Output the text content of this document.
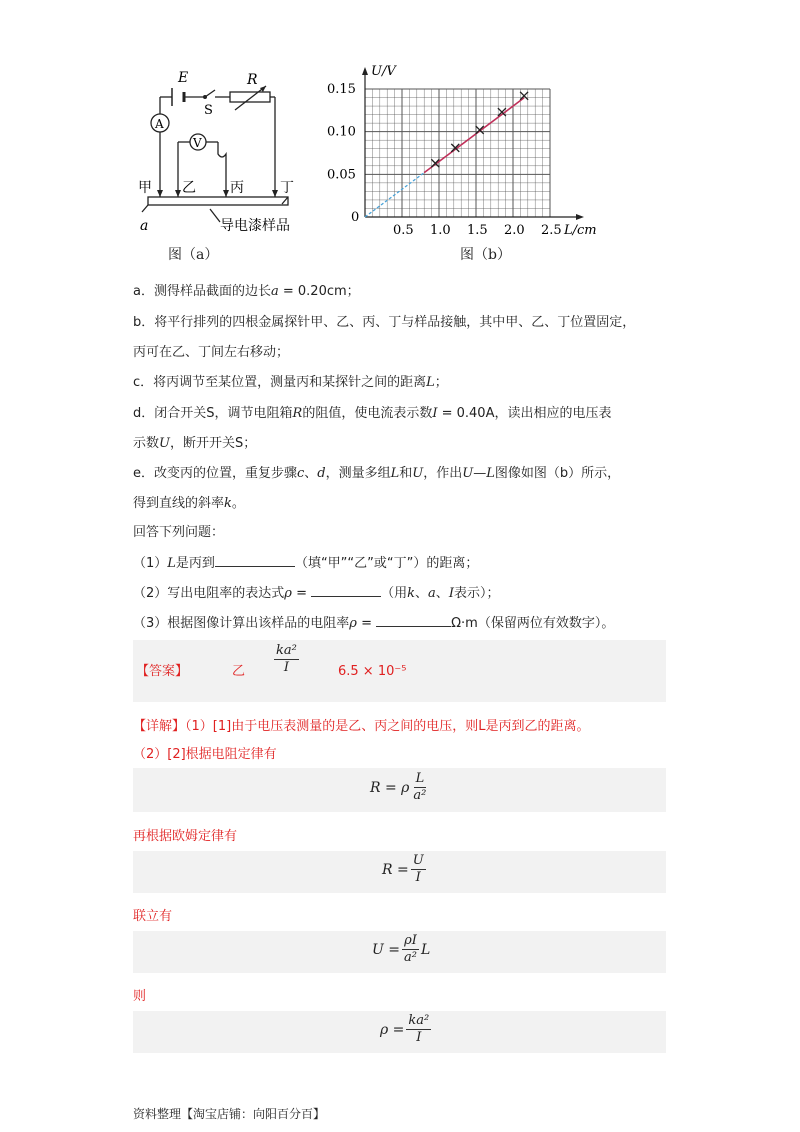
E
S
R
A
V
甲 乙 丙	丁
a	导电漆样品
图（a）
0.5 1.0 1.5 2.0 2.5
0.05
0.10
0.15
0
L/cm
U/V
图（b）
a．测得样品截面的边长a = 0.20cm；
b．将平行排列的四根金属探针甲、乙、丙、丁与样品接触，其中甲、乙、丁位置固定，
丙可在乙、丁间左右移动；
c．将丙调节至某位置，测量丙和某探针之间的距离L；
d．闭合开关S，调节电阻箱R的阻值，使电流表示数I = 0.40A，读出相应的电压表
示数U，断开开关S；
e．改变丙的位置，重复步骤c、d，测量多组L和U，作出U—L图像如图（b）所示，
得到直线的斜率k。
回答下列问题：
（1）L是丙到	（填“甲”“乙”或“丁”）的距离；
（2）写出电阻率的表达式ρ =	（用k、a、I表示）；
（3）根据图像计算出该样品的电阻率ρ =	Ω·m（保留两位有效数字）。
【答案】	乙 $\frac{\text{ka²}}{I}$	6.5 × 10⁻⁵
【详解】（1）[1]由于电压表测量的是乙、丙之间的电压，则L是丙到乙的距离。
（2）[2]根据电阻定律有
R = ρ $\frac{L}{\text{a²}}$
再根据欧姆定律有
$R = \frac{U}{I}$
联立有
$U = \frac{\rho I}{\text{a²}}$ L
则
$\rho = \frac{\text{ka²}}{I}$
资料整理【淘宝店铺：向阳百分百】
